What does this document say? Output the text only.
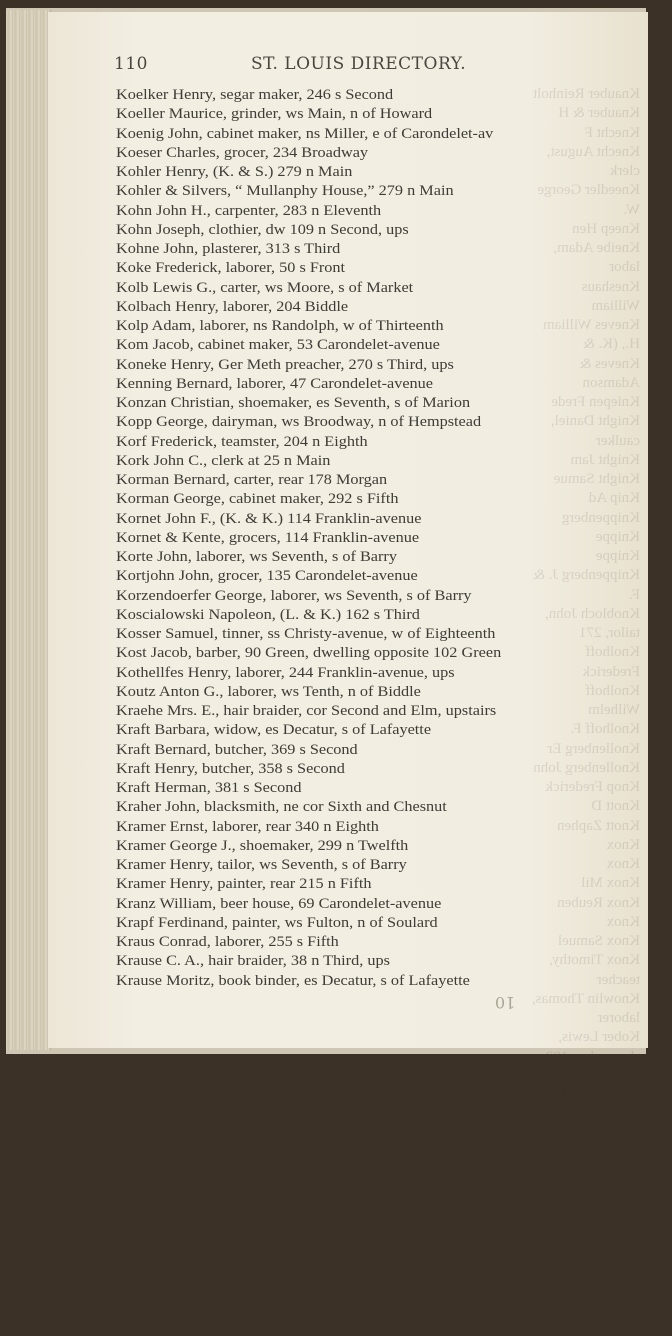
110	ST. LOUIS DIRECTORY.
shoemaker, 192
Kober Yorick
Koberg Diedrich, labo
Koch Albert, bar
Koch Frederick
Koch Henry, watchm
Koch John F.
Koch John L.
Koch Peter, carpenter, 210
Koch William, labo
Koelker
Koelker Henry, segar maker, 246 s Second
Koeller Maurice, grinder, ws Main, n of Howard
Koenig John, cabinet maker, ns Miller, e of Carondelet-av
Koeser Charles, grocer, 234 Broadway
Kohler Henry, (K. & S.) 279 n Main
Kohler & Silvers, “ Mullanphy House,” 279 n Main
Kohn John H., carpenter, 283 n Eleventh
Kohn Joseph, clothier, dw 109 n Second, ups
Kohne John, plasterer, 313 s Third
Koke Frederick, laborer, 50 s Front
Kolb Lewis G., carter, ws Moore, s of Market
Kolbach Henry, laborer, 204 Biddle
Kolp Adam, laborer, ns Randolph, w of Thirteenth
Kom Jacob, cabinet maker, 53 Carondelet-avenue
Koneke Henry, Ger Meth preacher, 270 s Third, ups
Kenning Bernard, laborer, 47 Carondelet-avenue
Konzan Christian, shoemaker, es Seventh, s of Marion
Kopp George, dairyman, ws Broodway, n of Hempstead
Korf Frederick, teamster, 204 n Eighth
Kork John C., clerk at 25 n Main
Korman Bernard, carter, rear 178 Morgan
Korman George, cabinet maker, 292 s Fifth
Kornet John F., (K. & K.) 114 Franklin-avenue
Kornet & Kente, grocers, 114 Franklin-avenue
Korte John, laborer, ws Seventh, s of Barry
Kortjohn John, grocer, 135 Carondelet-avenue
Korzendoerfer George, laborer, ws Seventh, s of Barry
Koscialowski Napoleon, (L. & K.) 162 s Third
Kosser Samuel, tinner, ss Christy-avenue, w of Eighteenth
Kost Jacob, barber, 90 Green, dwelling opposite 102 Green
Kothellfes Henry, laborer, 244 Franklin-avenue, ups
Koutz Anton G., laborer, ws Tenth, n of Biddle
Kraehe Mrs. E., hair braider, cor Second and Elm, upstairs
Kraft Barbara, widow, es Decatur, s of Lafayette
Kraft Bernard, butcher, 369 s Second
Kraft Henry, butcher, 358 s Second
Kraft Herman, 381 s Second
Kraher John, blacksmith, ne cor Sixth and Chesnut
Kramer Ernst, laborer, rear 340 n Eighth
Kramer George J., shoemaker, 299 n Twelfth
Kramer Henry, tailor, ws Seventh, s of Barry
Kramer Henry, painter, rear 215 n Fifth
Kranz William, beer house, 69 Carondelet-avenue
Krapf Ferdinand, painter, ws Fulton, n of Soulard
Kraus Conrad, laborer, 255 s Fifth
Krause C. A., hair braider, 38 n Third, ups
Krause Moritz, book binder, es Decatur, s of Lafayette
10
